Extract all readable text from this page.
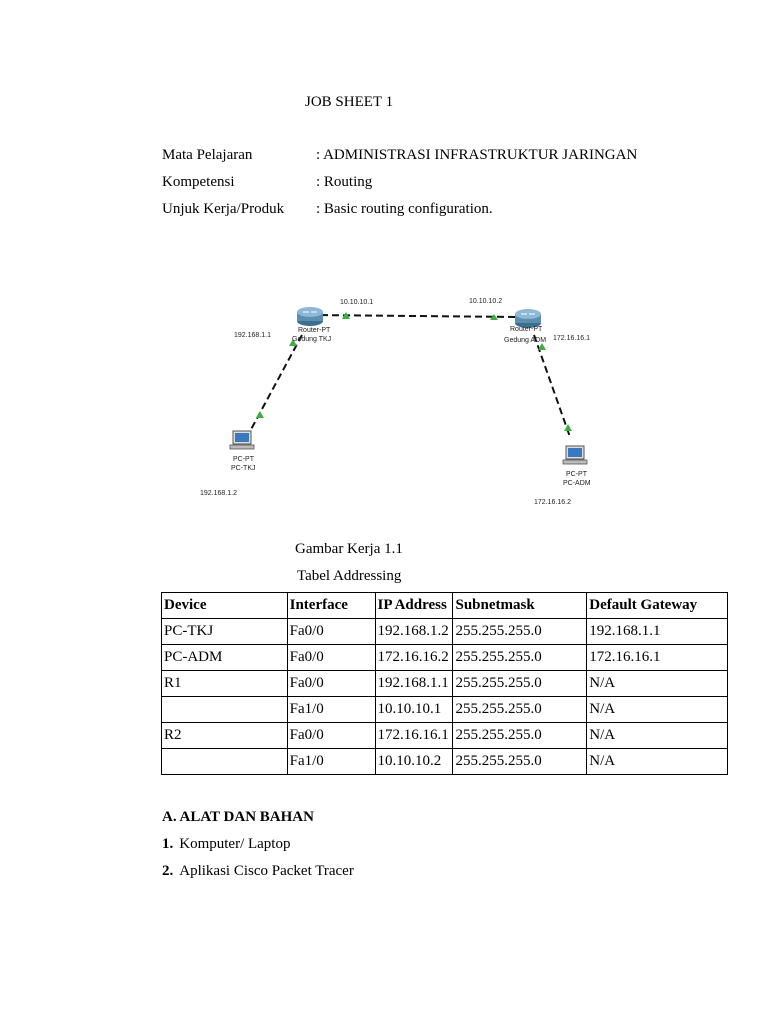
JOB SHEET 1
Mata Pelajaran	: ADMINISTRASI INFRASTRUKTUR JARINGAN
Kompetensi	: Routing
Unjuk Kerja/Produk : Basic routing configuration.
10.10.10.1	10.10.10.2
192.168.1.1
Router-PT
Gedung TKJ
Router-PT
Gedung ADM 172.16.16.1
PC-PT
PC-TKJ
192.168.1.2
PC-PT
PC-ADM
172.16.16.2
Gambar Kerja 1.1
Tabel Addressing
Device	Interface	IP Address	Subnetmask	Default Gateway
PC-TKJ	Fa0/0	192.168.1.2	255.255.255.0	192.168.1.1
PC-ADM	Fa0/0	172.16.16.2	255.255.255.0	172.16.16.1
R1	Fa0/0	192.168.1.1	255.255.255.0	N/A
	Fa1/0	10.10.10.1	255.255.255.0	N/A
R2	Fa0/0	172.16.16.1	255.255.255.0	N/A
	Fa1/0	10.10.10.2	255.255.255.0	N/A
A. ALAT DAN BAHAN
1. Komputer/ Laptop
2. Aplikasi Cisco Packet Tracer
